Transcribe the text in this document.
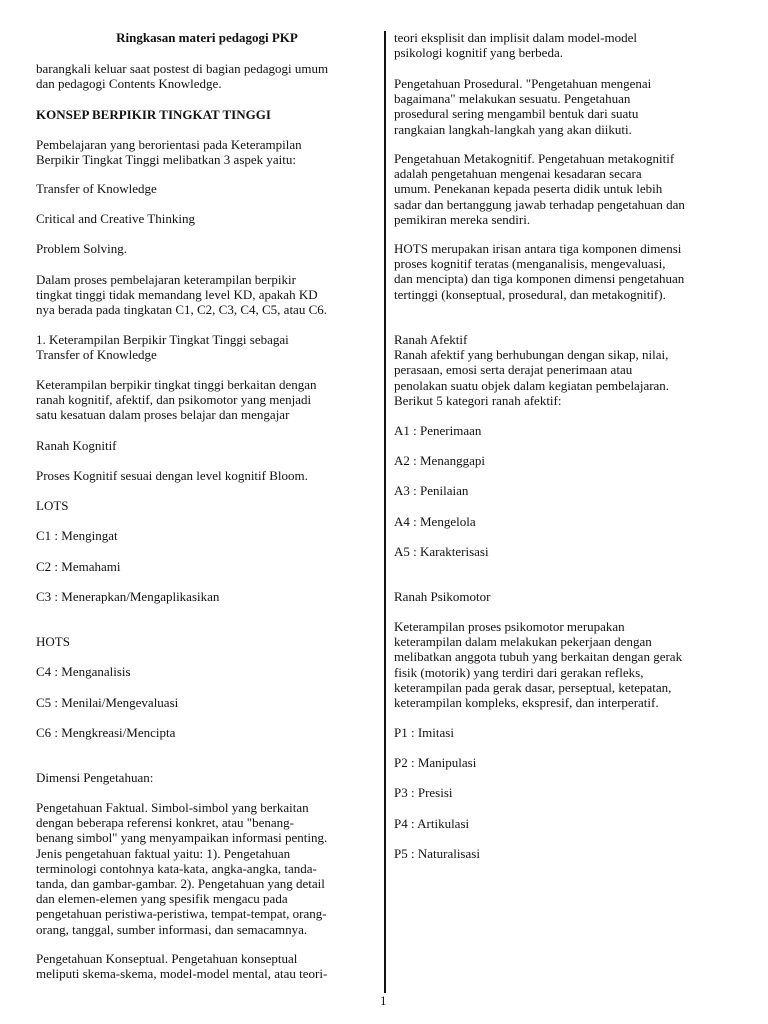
Ringkasan materi pedagogi PKP

barangkali keluar saat postest di bagian pedagogi umum
dan pedagogi Contents Knowledge.

KONSEP BERPIKIR TINGKAT TINGGI

Pembelajaran yang berorientasi pada Keterampilan
Berpikir Tingkat Tinggi melibatkan 3 aspek yaitu:

Transfer of Knowledge

Critical and Creative Thinking

Problem Solving.

Dalam proses pembelajaran keterampilan berpikir
tingkat tinggi tidak memandang level KD, apakah KD
nya berada pada tingkatan C1, C2, C3, C4, C5, atau C6.

1. Keterampilan Berpikir Tingkat Tinggi sebagai
Transfer of Knowledge

Keterampilan berpikir tingkat tinggi berkaitan dengan
ranah kognitif, afektif, dan psikomotor yang menjadi
satu kesatuan dalam proses belajar dan mengajar

Ranah Kognitif

Proses Kognitif sesuai dengan level kognitif Bloom.

LOTS

C1 : Mengingat

C2 : Memahami

C3 : Menerapkan/Mengaplikasikan

HOTS

C4 : Menganalisis

C5 : Menilai/Mengevaluasi

C6 : Mengkreasi/Mencipta

Dimensi Pengetahuan:

Pengetahuan Faktual. Simbol-simbol yang berkaitan
dengan beberapa referensi konkret, atau "benang-
benang simbol" yang menyampaikan informasi penting.
Jenis pengetahuan faktual yaitu: 1). Pengetahuan
terminologi contohnya kata-kata, angka-angka, tanda-
tanda, dan gambar-gambar. 2). Pengetahuan yang detail
dan elemen-elemen yang spesifik mengacu pada
pengetahuan peristiwa-peristiwa, tempat-tempat, orang-
orang, tanggal, sumber informasi, dan semacamnya.

Pengetahuan Konseptual. Pengetahuan konseptual
meliputi skema-skema, model-model mental, atau teori-

teori eksplisit dan implisit dalam model-model
psikologi kognitif yang berbeda.

Pengetahuan Prosedural. "Pengetahuan mengenai
bagaimana" melakukan sesuatu. Pengetahuan
prosedural sering mengambil bentuk dari suatu
rangkaian langkah-langkah yang akan diikuti.

Pengetahuan Metakognitif. Pengetahuan metakognitif
adalah pengetahuan mengenai kesadaran secara
umum. Penekanan kepada peserta didik untuk lebih
sadar dan bertanggung jawab terhadap pengetahuan dan
pemikiran mereka sendiri.

HOTS merupakan irisan antara tiga komponen dimensi
proses kognitif teratas (menganalisis, mengevaluasi,
dan mencipta) dan tiga komponen dimensi pengetahuan
tertinggi (konseptual, prosedural, dan metakognitif).

Ranah Afektif
Ranah afektif yang berhubungan dengan sikap, nilai,
perasaan, emosi serta derajat penerimaan atau
penolakan suatu objek dalam kegiatan pembelajaran.
Berikut 5 kategori ranah afektif:

A1 : Penerimaan

A2 : Menanggapi

A3 : Penilaian

A4 : Mengelola

A5 : Karakterisasi

Ranah Psikomotor

Keterampilan proses psikomotor merupakan
keterampilan dalam melakukan pekerjaan dengan
melibatkan anggota tubuh yang berkaitan dengan gerak
fisik (motorik) yang terdiri dari gerakan refleks,
keterampilan pada gerak dasar, perseptual, ketepatan,
keterampilan kompleks, ekspresif, dan interperatif.

P1 : Imitasi

P2 : Manipulasi

P3 : Presisi

P4 : Artikulasi

P5 : Naturalisasi

1
